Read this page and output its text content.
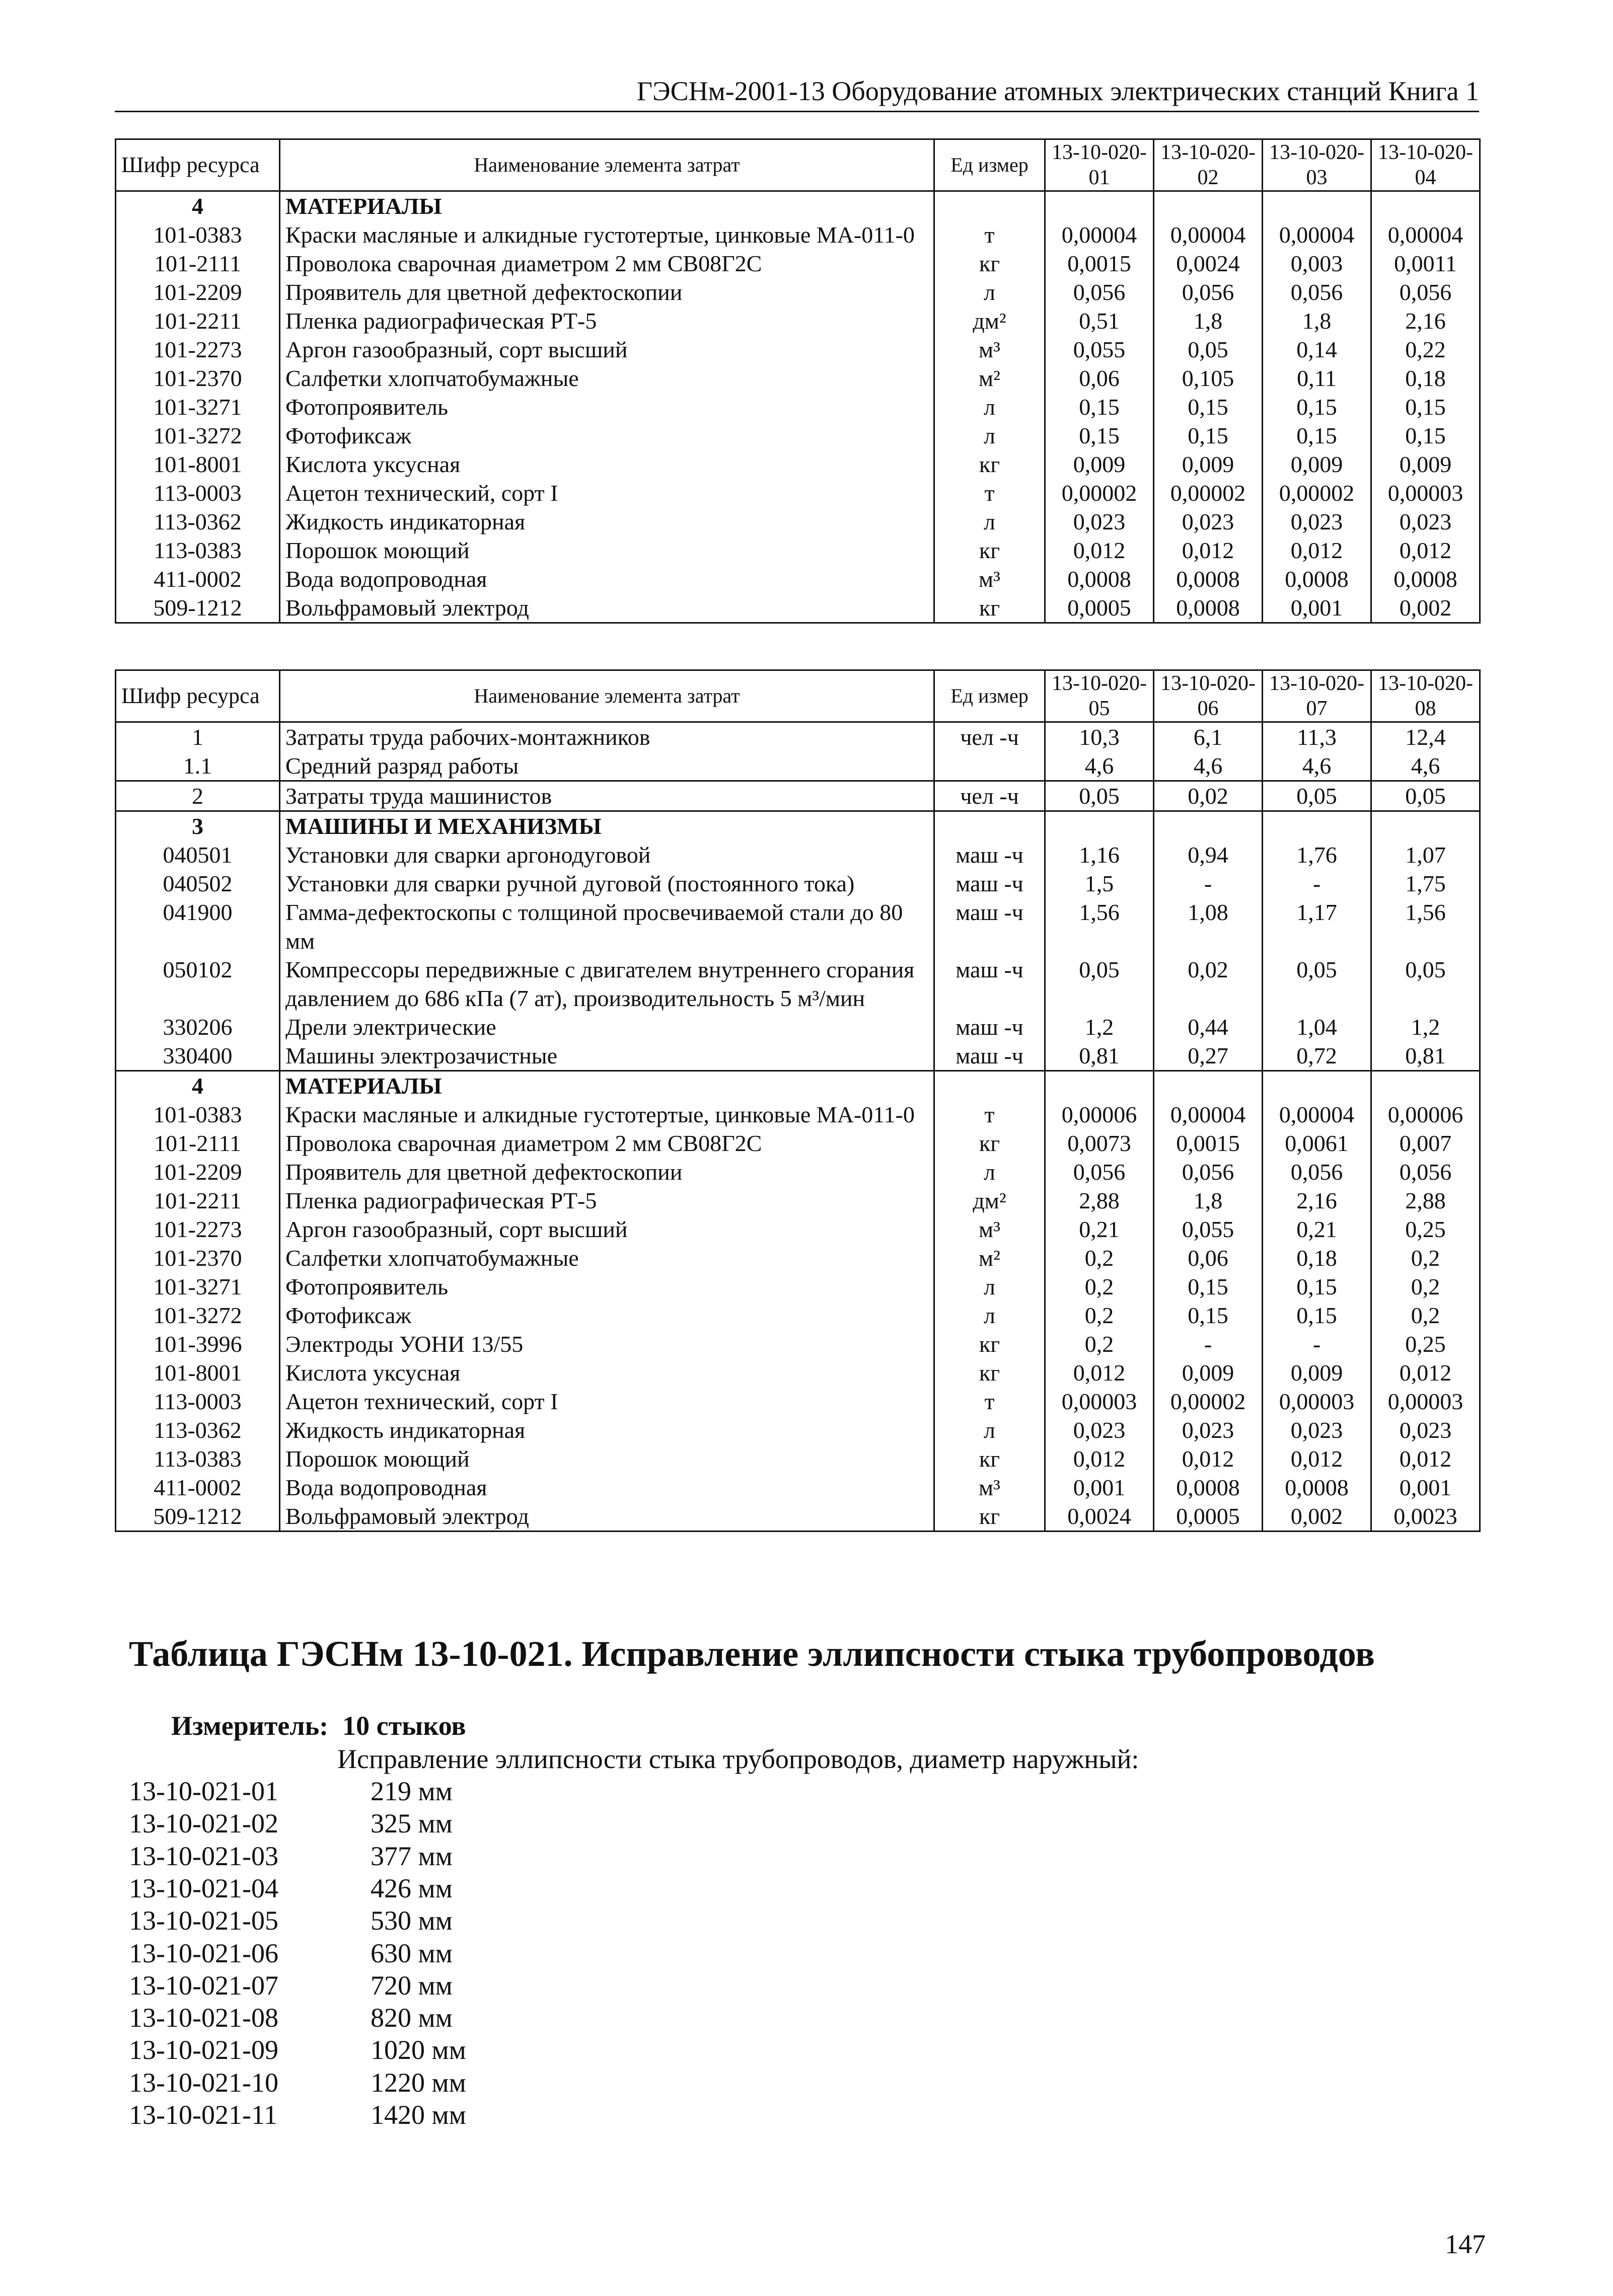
ГЭСНм-2001-13 Оборудование атомных электрических станций Книга 1
Шифр ресурса	Наименование элемента затрат	Ед измер	13-10-020-01	13-10-020-02	13-10-020-03	13-10-020-04
4	МАТЕРИАЛЫ					
101-0383	Краски масляные и алкидные густотертые, цинковые МА-011-0	т	0,00004	0,00004	0,00004	0,00004
101-2111	Проволока сварочная диаметром 2 мм СВ08Г2С	кг	0,0015	0,0024	0,003	0,0011
101-2209	Проявитель для цветной дефектоскопии	л	0,056	0,056	0,056	0,056
101-2211	Пленка радиографическая РТ-5	дм²	0,51	1,8	1,8	2,16
101-2273	Аргон газообразный, сорт высший	м³	0,055	0,05	0,14	0,22
101-2370	Салфетки хлопчатобумажные	м²	0,06	0,105	0,11	0,18
101-3271	Фотопроявитель	л	0,15	0,15	0,15	0,15
101-3272	Фотофиксаж	л	0,15	0,15	0,15	0,15
101-8001	Кислота уксусная	кг	0,009	0,009	0,009	0,009
113-0003	Ацетон технический, сорт I	т	0,00002	0,00002	0,00002	0,00003
113-0362	Жидкость индикаторная	л	0,023	0,023	0,023	0,023
113-0383	Порошок моющий	кг	0,012	0,012	0,012	0,012
411-0002	Вода водопроводная	м³	0,0008	0,0008	0,0008	0,0008
509-1212	Вольфрамовый электрод	кг	0,0005	0,0008	0,001	0,002
Шифр ресурса	Наименование элемента затрат	Ед измер	13-10-020-05	13-10-020-06	13-10-020-07	13-10-020-08
1	Затраты труда рабочих-монтажников	чел -ч	10,3	6,1	11,3	12,4
1.1	Средний разряд работы		4,6	4,6	4,6	4,6
2	Затраты труда машинистов	чел -ч	0,05	0,02	0,05	0,05
3	МАШИНЫ И МЕХАНИЗМЫ					
040501	Установки для сварки аргонодуговой	маш -ч	1,16	0,94	1,76	1,07
040502	Установки для сварки ручной дуговой (постоянного тока)	маш -ч	1,5	-	-	1,75
041900	Гамма-дефектоскопы с толщиной просвечиваемой стали до 80 мм	маш -ч	1,56	1,08	1,17	1,56
050102	Компрессоры передвижные с двигателем внутреннего сгорания давлением до 686 кПа (7 ат), производительность 5 м³/мин	маш -ч	0,05	0,02	0,05	0,05
330206	Дрели электрические	маш -ч	1,2	0,44	1,04	1,2
330400	Машины электрозачистные	маш -ч	0,81	0,27	0,72	0,81
4	МАТЕРИАЛЫ					
101-0383	Краски масляные и алкидные густотертые, цинковые МА-011-0	т	0,00006	0,00004	0,00004	0,00006
101-2111	Проволока сварочная диаметром 2 мм СВ08Г2С	кг	0,0073	0,0015	0,0061	0,007
101-2209	Проявитель для цветной дефектоскопии	л	0,056	0,056	0,056	0,056
101-2211	Пленка радиографическая РТ-5	дм²	2,88	1,8	2,16	2,88
101-2273	Аргон газообразный, сорт высший	м³	0,21	0,055	0,21	0,25
101-2370	Салфетки хлопчатобумажные	м²	0,2	0,06	0,18	0,2
101-3271	Фотопроявитель	л	0,2	0,15	0,15	0,2
101-3272	Фотофиксаж	л	0,2	0,15	0,15	0,2
101-3996	Электроды УОНИ 13/55	кг	0,2	-	-	0,25
101-8001	Кислота уксусная	кг	0,012	0,009	0,009	0,012
113-0003	Ацетон технический, сорт I	т	0,00003	0,00002	0,00003	0,00003
113-0362	Жидкость индикаторная	л	0,023	0,023	0,023	0,023
113-0383	Порошок моющий	кг	0,012	0,012	0,012	0,012
411-0002	Вода водопроводная	м³	0,001	0,0008	0,0008	0,001
509-1212	Вольфрамовый электрод	кг	0,0024	0,0005	0,002	0,0023
Таблица ГЭСНм 13-10-021. Исправление эллипсности стыка трубопроводов
Измеритель: 10 стыков
Исправление эллипсности стыка трубопроводов, диаметр наружный:
13-10-021-01	219 мм
13-10-021-02	325 мм
13-10-021-03	377 мм
13-10-021-04	426 мм
13-10-021-05	530 мм
13-10-021-06	630 мм
13-10-021-07	720 мм
13-10-021-08	820 мм
13-10-021-09	1020 мм
13-10-021-10	1220 мм
13-10-021-11	1420 мм
147
